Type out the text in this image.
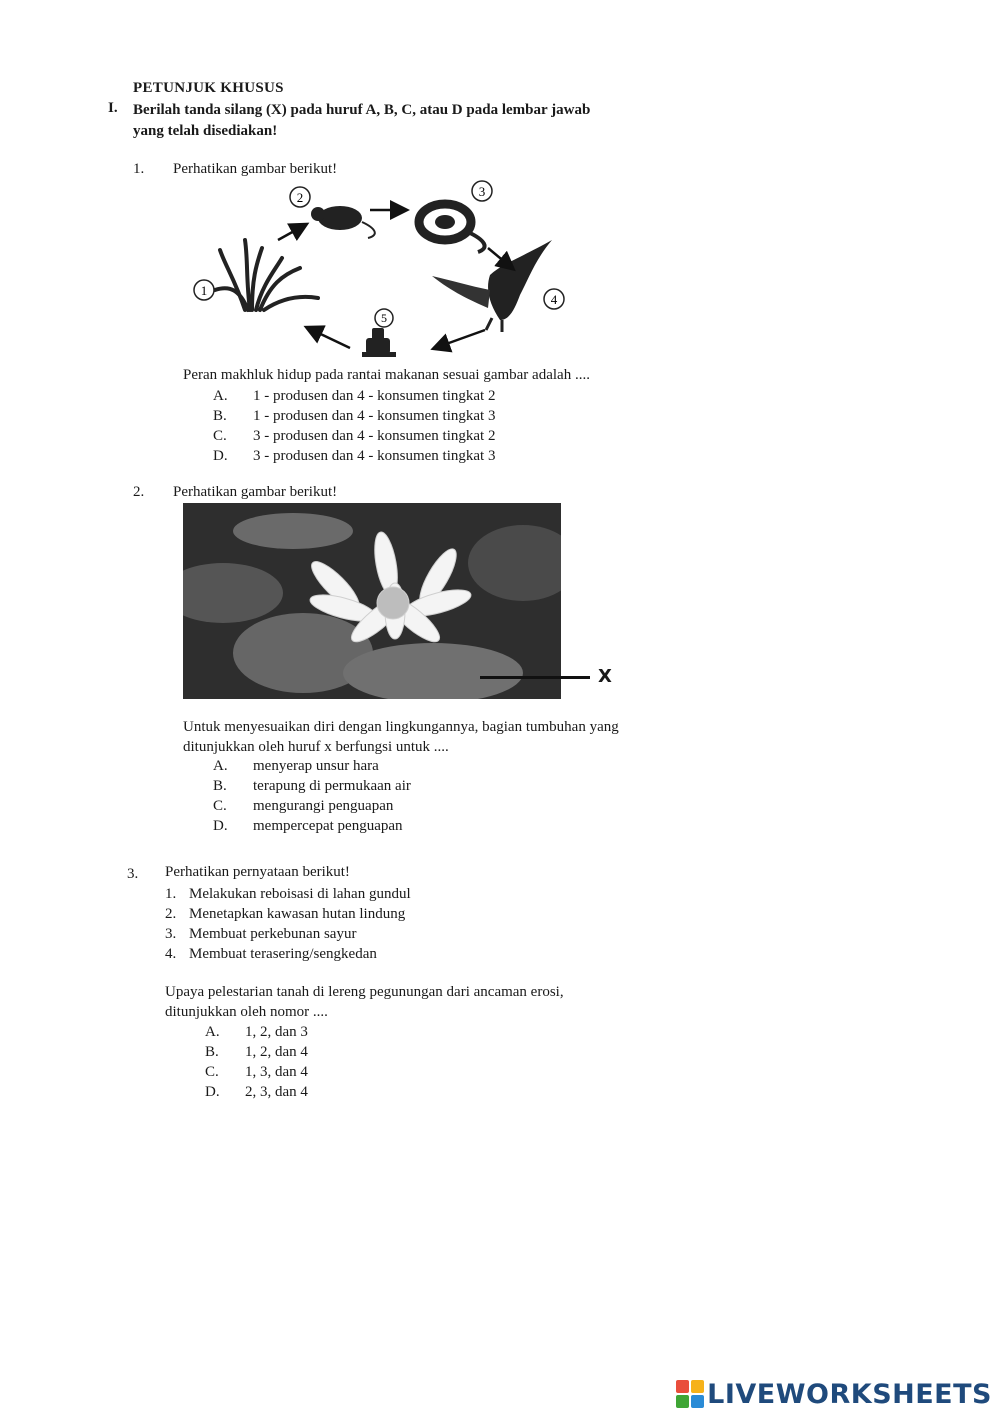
PETUNJUK KHUSUS
I. Berilah tanda silang (X) pada huruf A, B, C, atau D pada lembar jawab
yang telah disediakan!
1. Perhatikan gambar berikut!
1
2	3
4
5
Peran makhluk hidup pada rantai makanan sesuai gambar adalah ....
A. 1 - produsen dan 4 - konsumen tingkat 2
B. 1 - produsen dan 4 - konsumen tingkat 3
C. 3 - produsen dan 4 - konsumen tingkat 2
D. 3 - produsen dan 4 - konsumen tingkat 3
2. Perhatikan gambar berikut!
X
Untuk menyesuaikan diri dengan lingkungannya, bagian tumbuhan yang
ditunjukkan oleh huruf x berfungsi untuk ....
A. menyerap unsur hara
B. terapung di permukaan air
C. mengurangi penguapan
D. mempercepat penguapan
3. Perhatikan pernyataan berikut!
1. Melakukan reboisasi di lahan gundul
2. Menetapkan kawasan hutan lindung
3. Membuat perkebunan sayur
4. Membuat terasering/sengkedan
Upaya pelestarian tanah di lereng pegunungan dari ancaman erosi,
ditunjukkan oleh nomor ....
A. 1, 2, dan 3
B. 1, 2, dan 4
C. 1, 3, dan 4
D. 2, 3, dan 4
LIVEWORKSHEETS
